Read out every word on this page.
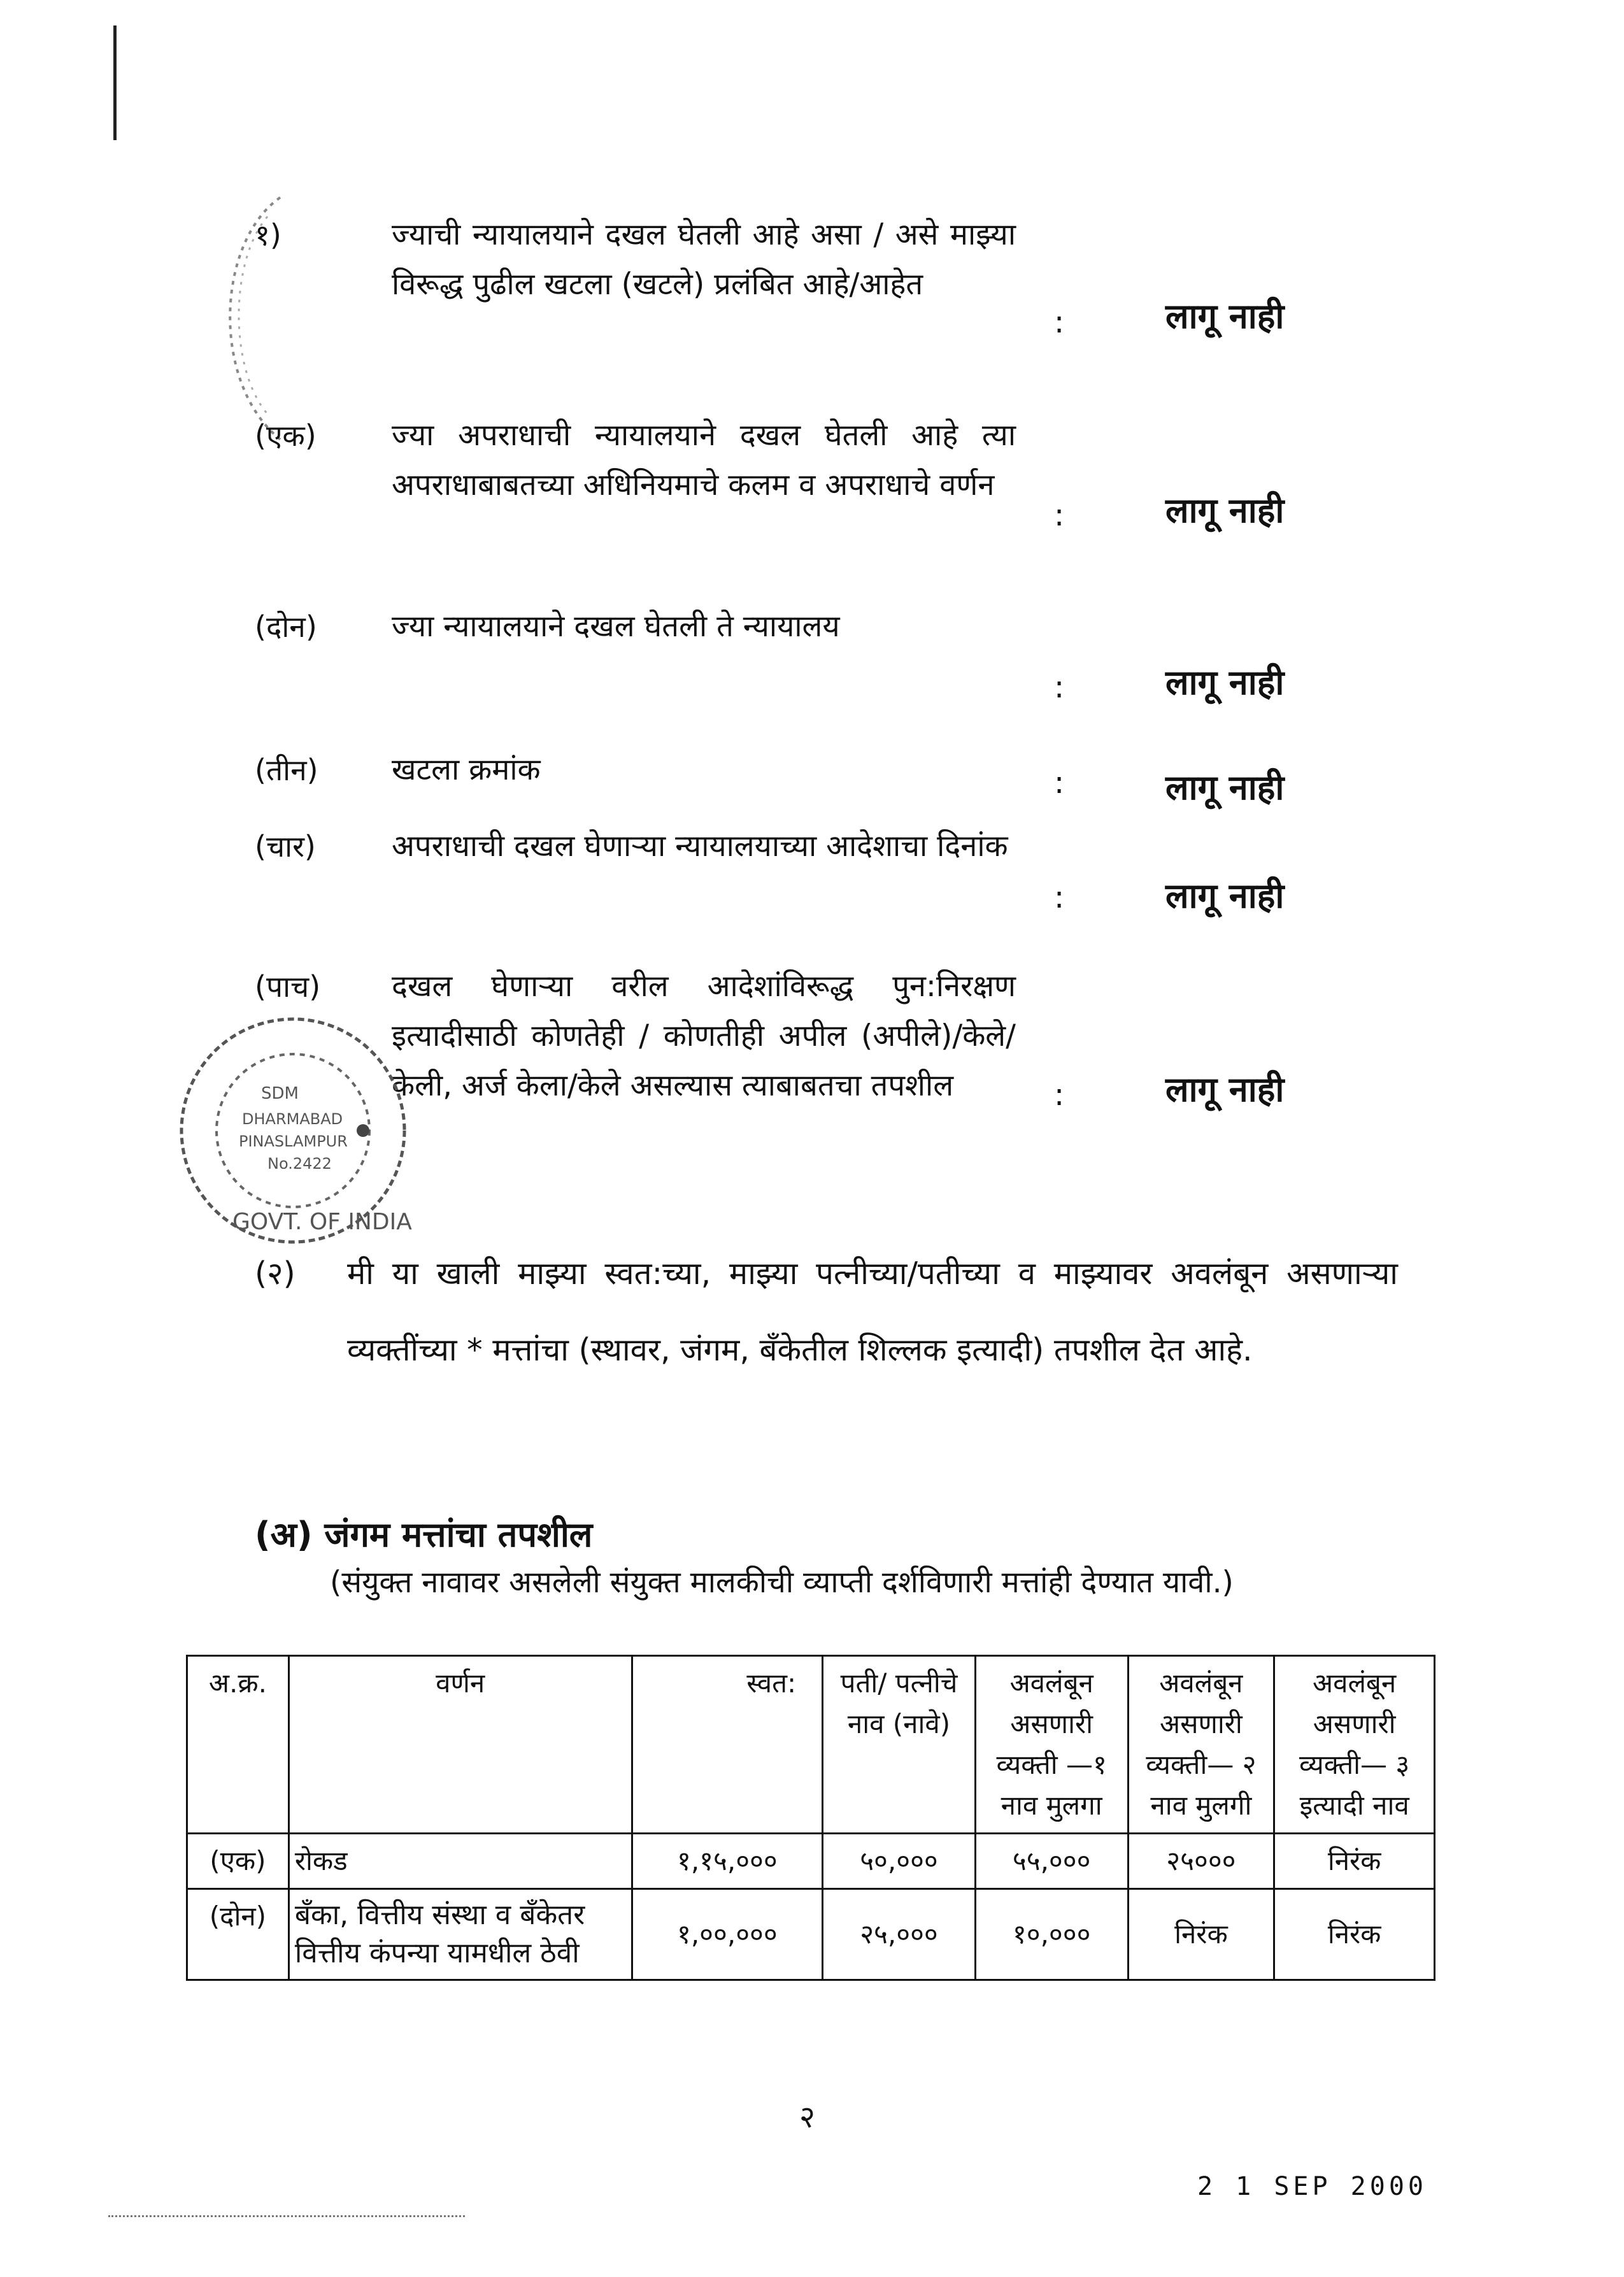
१)	ज्याची न्यायालयाने दखल घेतली आहे असा / असे माझ्या विरूद्ध पुढील खटला (खटले) प्रलंबित आहे/आहेत
:	लागू नाही
(एक)	ज्या अपराधाची न्यायालयाने दखल घेतली आहे त्या अपराधाबाबतच्या अधिनियमाचे कलम व अपराधाचे वर्णन
:	लागू नाही
(दोन) ज्या न्यायालयाने दखल घेतली ते न्यायालय
:	लागू नाही
(तीन) खटला क्रमांक	:	लागू नाही
(चार)	अपराधाची दखल घेणाऱ्या न्यायालयाच्या आदेशाचा दिनांक
:	लागू नाही
(पाच) दखल घेणाऱ्या वरील आदेशांविरूद्ध पुन:निरक्षण इत्यादीसाठी कोणतेही / कोणतीही अपील (अपीले)/केले/केली, अर्ज केला/केले असल्यास त्याबाबतचा तपशील	:	लागू नाही
SDM
DHARMABAD
PINASLAMPUR
No.2422
GOVT. OF INDIA
(२) मी या खाली माझ्या स्वत:च्या, माझ्या पत्नीच्या/पतीच्या व माझ्यावर अवलंबून असणाऱ्या व्यक्तींच्या * मत्तांचा (स्थावर, जंगम, बँकेतील शिल्लक इत्यादी) तपशील देत आहे.
(अ) जंगम मत्तांचा तपशील
(संयुक्त नावावर असलेली संयुक्त मालकीची व्याप्ती दर्शविणारी मत्तांही देण्यात यावी.)
अ.क्र.	वर्णन	स्वत:	पती/ पत्नीचे नाव (नावे)	अवलंबून असणारी व्यक्ती —१ नाव मुलगा	अवलंबून असणारी व्यक्ती— २ नाव मुलगी	अवलंबून असणारी व्यक्ती— ३ इत्यादी नाव
(एक)	रोकड	१,१५,०००	५०,०००	५५,०००	२५०००	निरंक
(दोन)	बँका, वित्तीय संस्था व बँकेतर वित्तीय कंपन्या यामधील ठेवी	१,००,०००	२५,०००	१०,०००	निरंक	निरंक
२
2 1 SEP 2000
